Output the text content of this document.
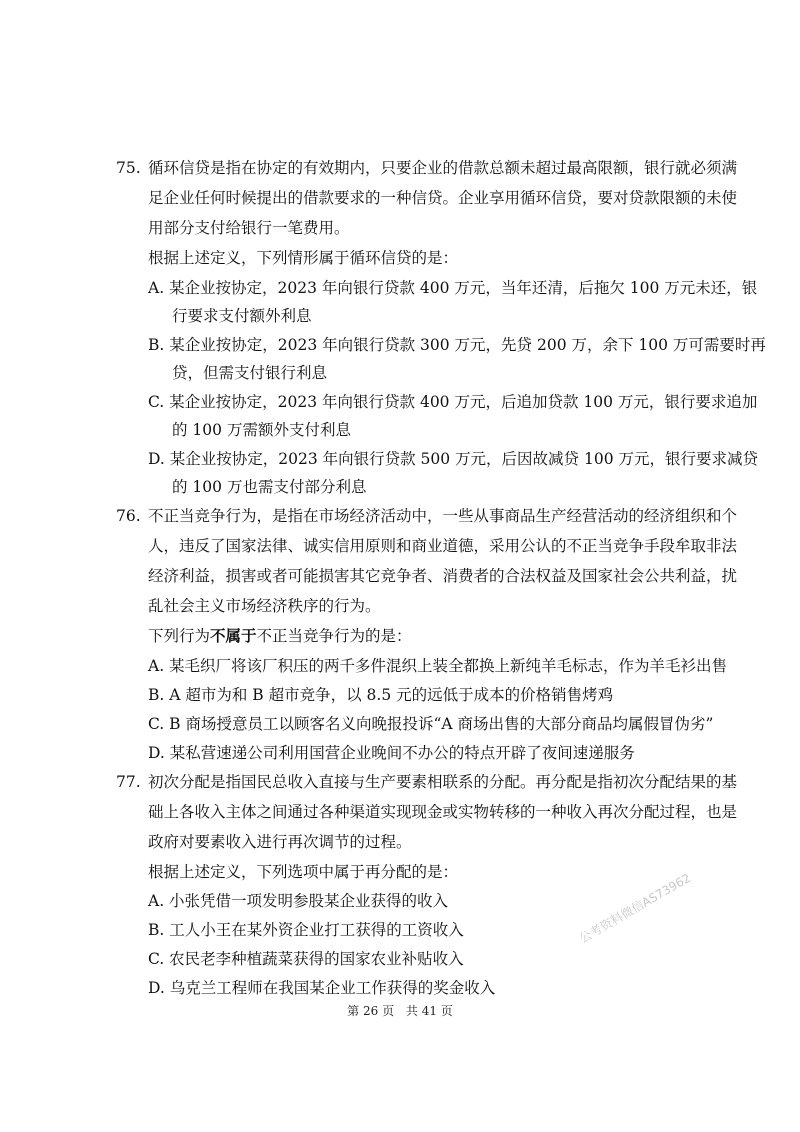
75. 循环信贷是指在协定的有效期内，只要企业的借款总额未超过最高限额，银行就必须满
足企业任何时候提出的借款要求的一种信贷。企业享用循环信贷，要对贷款限额的未使
用部分支付给银行一笔费用。
根据上述定义，下列情形属于循环信贷的是：
A. 某企业按协定，2023 年向银行贷款 400 万元，当年还清，后拖欠 100 万元未还，银
行要求支付额外利息
B. 某企业按协定，2023 年向银行贷款 300 万元，先贷 200 万，余下 100 万可需要时再
贷，但需支付银行利息
C. 某企业按协定，2023 年向银行贷款 400 万元，后追加贷款 100 万元，银行要求追加
的 100 万需额外支付利息
D. 某企业按协定，2023 年向银行贷款 500 万元，后因故减贷 100 万元，银行要求减贷
的 100 万也需支付部分利息
76. 不正当竞争行为，是指在市场经济活动中，一些从事商品生产经营活动的经济组织和个
人，违反了国家法律、诚实信用原则和商业道德，采用公认的不正当竞争手段牟取非法
经济利益，损害或者可能损害其它竞争者、消费者的合法权益及国家社会公共利益，扰
乱社会主义市场经济秩序的行为。
下列行为不属于不正当竞争行为的是：
A. 某毛织厂将该厂积压的两千多件混织上装全都换上新纯羊毛标志，作为羊毛衫出售
B. A 超市为和 B 超市竞争，以 8.5 元的远低于成本的价格销售烤鸡
C. B 商场授意员工以顾客名义向晚报投诉“A 商场出售的大部分商品均属假冒伪劣”
D. 某私营速递公司利用国营企业晚间不办公的特点开辟了夜间速递服务
77. 初次分配是指国民总收入直接与生产要素相联系的分配。再分配是指初次分配结果的基
础上各收入主体之间通过各种渠道实现现金或实物转移的一种收入再次分配过程，也是
政府对要素收入进行再次调节的过程。
根据上述定义，下列选项中属于再分配的是：
A. 小张凭借一项发明参股某企业获得的收入
B. 工人小王在某外资企业打工获得的工资收入
C. 农民老李种植蔬菜获得的国家农业补贴收入
D. 乌克兰工程师在我国某企业工作获得的奖金收入
第 26 页 共 41 页
公考资料微信AS73962
